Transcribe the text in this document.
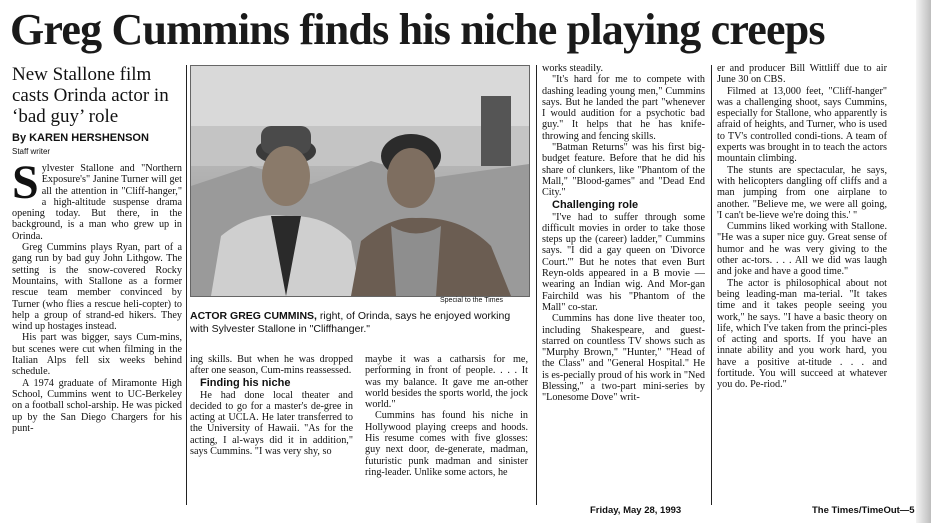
Greg Cummins finds his niche playing creeps
New Stallone film casts Orinda actor in ‘bad guy’ role
By KAREN HERSHENSON
Staff writer

Sylvester Stallone and "Northern Exposure's" Janine Turner will get all the attention in "Cliff-hanger," a high-altitude suspense drama opening today. But there, in the background, is a man who grew up in Orinda.

Greg Cummins plays Ryan, part of a gang run by bad guy John Lithgow. The setting is the snow-covered Rocky Mountains, with Stallone as a former rescue team member convinced by Turner (who flies a rescue heli-copter) to help a group of strand-ed hikers. They wind up hostages instead.

His part was bigger, says Cum-mins, but scenes were cut when filming in the Italian Alps fell six weeks behind schedule.

A 1974 graduate of Miramonte High School, Cummins went to UC-Berkeley on a football schol-arship. He was picked up by the San Diego Chargers for his punt-

Special to the Times
ACTOR GREG CUMMINS, right, of Orinda, says he enjoyed working with Sylvester Stallone in "Cliffhanger."

ing skills. But when he was dropped after one season, Cum-mins reassessed.

Finding his niche

He had done local theater and decided to go for a master's de-gree in acting at UCLA. He later transferred to the University of Hawaii. "As for the acting, I al-ways did it in addition," says Cummins. "I was very shy, so

maybe it was a catharsis for me, performing in front of people. . . . It was my balance. It gave me an-other world besides the sports world, the jock world."

Cummins has found his niche in Hollywood playing creeps and hoods. His resume comes with five glosses: guy next door, de-generate, madman, futuristic punk madman and sinister ring-leader. Unlike some actors, he

works steadily.

"It's hard for me to compete with dashing leading young men," Cummins says. But he landed the part "whenever I would audition for a psychotic bad guy." It helps that he has knife-throwing and fencing skills.

"Batman Returns" was his first big-budget feature. Before that he did his share of clunkers, like "Phantom of the Mall," "Blood-games" and "Dead End City."

Challenging role

"I've had to suffer through some difficult movies in order to take those steps up the (career) ladder," Cummins says. "I did a gay queen on 'Divorce Court.'" But he notes that even Burt Reyn-olds appeared in a B movie — wearing an Indian wig. And Mor-gan Fairchild was his "Phantom of the Mall" co-star.

Cummins has done live theater too, including Shakespeare, and guest-starred on countless TV shows such as "Murphy Brown," "Hunter," "Head of the Class" and "General Hospital." He is es-pecially proud of his work in "Ned Blessing," a two-part mini-series by "Lonesome Dove" writ-

er and producer Bill Wittliff due to air June 30 on CBS.

Filmed at 13,000 feet, "Cliff-hanger" was a challenging shoot, says Cummins, especially for Stallone, who apparently is afraid of heights, and Turner, who is used to TV's controlled condi-tions. A team of experts was brought in to teach the actors mountain climbing.

The stunts are spectacular, he says, with helicopters dangling off cliffs and a man jumping from one airplane to another. "Believe me, we were all going, 'I can't be-lieve we're doing this.' "

Cummins liked working with Stallone. "He was a super nice guy. Great sense of humor and he was very giving to the other ac-tors. . . . All we did was laugh and joke and have a good time."

The actor is philosophical about not being leading-man ma-terial. "It takes time and it takes people seeing you work," he says. "I have a basic theory on life, which I've taken from the princi-ples of acting and sports. If you have an innate ability and you work hard, you have a positive at-titude . . . and fortitude. You will succeed at whatever you do. Pe-riod."

Friday, May 28, 1993	The Times/TimeOut—5
